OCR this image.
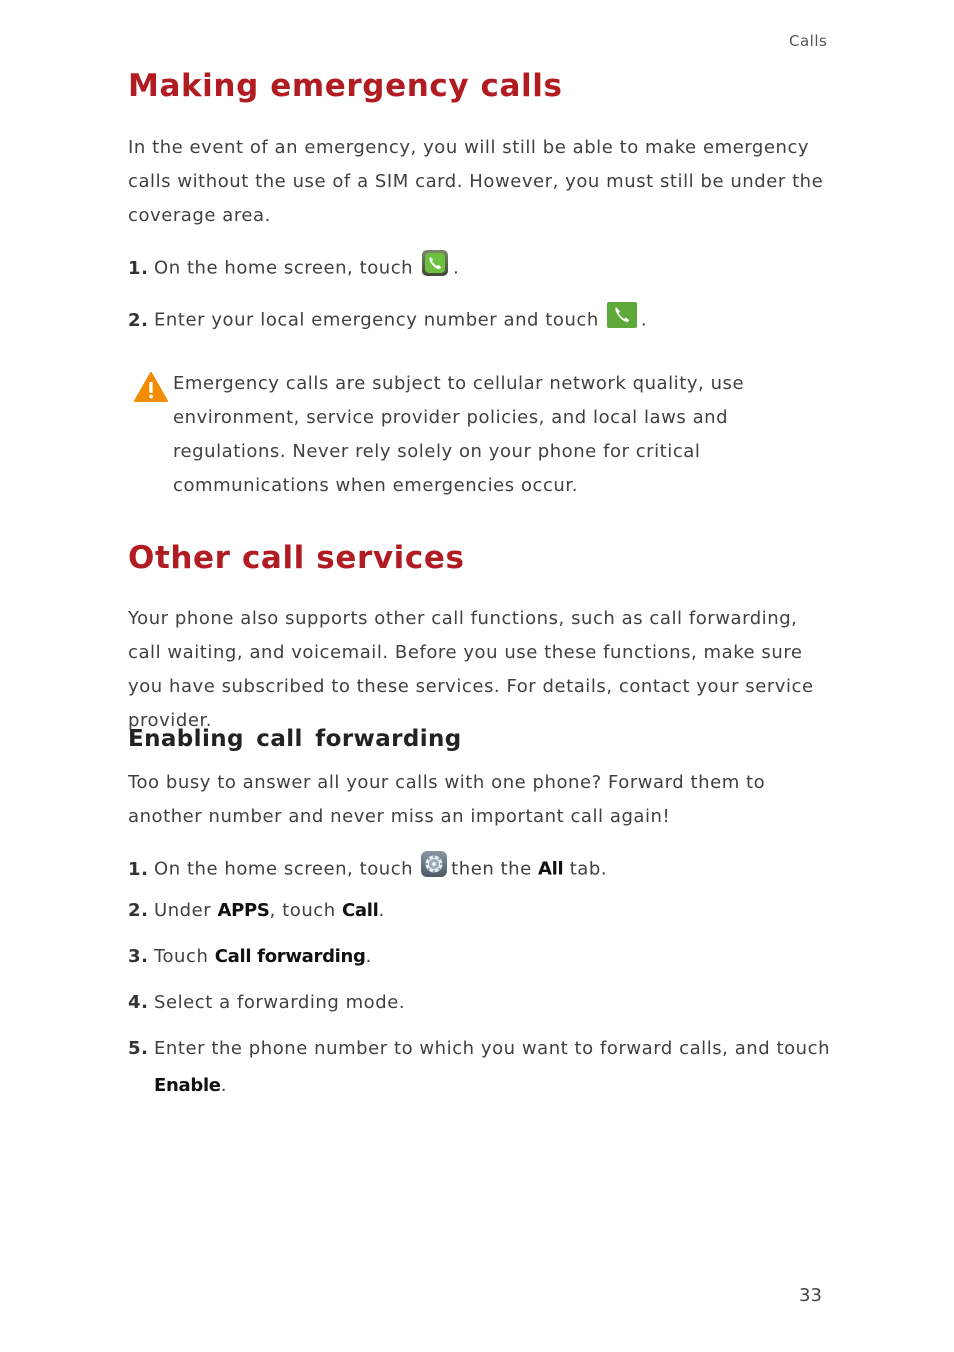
Calls
Making emergency calls

In the event of an emergency, you will still be able to make emergency calls without the use of a SIM card. However, you must still be under the coverage area.

1. On the home screen, touch .
2. Enter your local emergency number and touch .

Emergency calls are subject to cellular network quality, use environment, service provider policies, and local laws and regulations. Never rely solely on your phone for critical communications when emergencies occur.

Other call services

Your phone also supports other call functions, such as call forwarding, call waiting, and voicemail. Before you use these functions, make sure you have subscribed to these services. For details, contact your service provider.

Enabling call forwarding

Too busy to answer all your calls with one phone? Forward them to another number and never miss an important call again!

1. On the home screen, touch then the All tab.
2. Under APPS, touch Call.
3. Touch Call forwarding.
4. Select a forwarding mode.
5. Enter the phone number to which you want to forward calls, and touch
Enable.
33
